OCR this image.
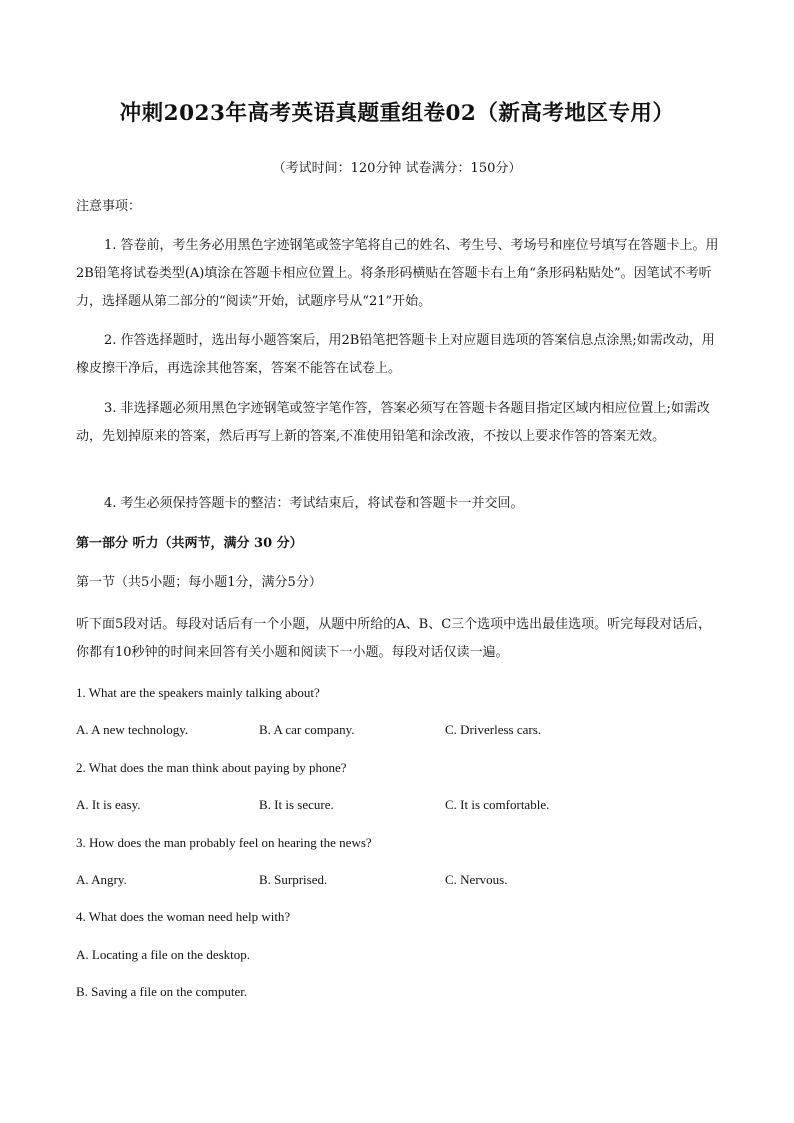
冲刺2023年高考英语真题重组卷02（新高考地区专用）
（考试时间：120分钟 试卷满分：150分）
注意事项：
1. 答卷前，考生务必用黑色字迹钢笔或签字笔将自己的姓名、考生号、考场号和座位号填写在答题卡上。用2B铅笔将试卷类型(A)填涂在答题卡相应位置上。将条形码横贴在答题卡右上角“条形码粘贴处”。因笔试不考听力，选择题从第二部分的“阅读”开始，试题序号从“21”开始。
2. 作答选择题时，选出每小题答案后，用2B铅笔把答题卡上对应题目选项的答案信息点涂黑;如需改动，用橡皮擦干净后，再选涂其他答案，答案不能答在试卷上。
3. 非选择题必须用黑色字迹钢笔或签字笔作答，答案必须写在答题卡各题目指定区域内相应位置上;如需改动，先划掉原来的答案，然后再写上新的答案,不准使用铅笔和涂改液，不按以上要求作答的答案无效。
4. 考生必须保持答题卡的整洁：考试结束后，将试卷和答题卡一并交回。
第一部分 听力（共两节，满分 30 分）
第一节（共5小题；每小题1分，满分5分）
听下面5段对话。每段对话后有一个小题，从题中所给的A、B、C三个选项中选出最佳选项。听完每段对话后，你都有10秒钟的时间来回答有关小题和阅读下一小题。每段对话仅读一遍。
1. What are the speakers mainly talking about?
A. A new technology.	B. A car company.	C. Driverless cars.
2. What does the man think about paying by phone?
A. It is easy.	B. It is secure.	C. It is comfortable.
3. How does the man probably feel on hearing the news?
A. Angry.	B. Surprised.	C. Nervous.
4. What does the woman need help with?
A. Locating a file on the desktop.
B. Saving a file on the computer.
